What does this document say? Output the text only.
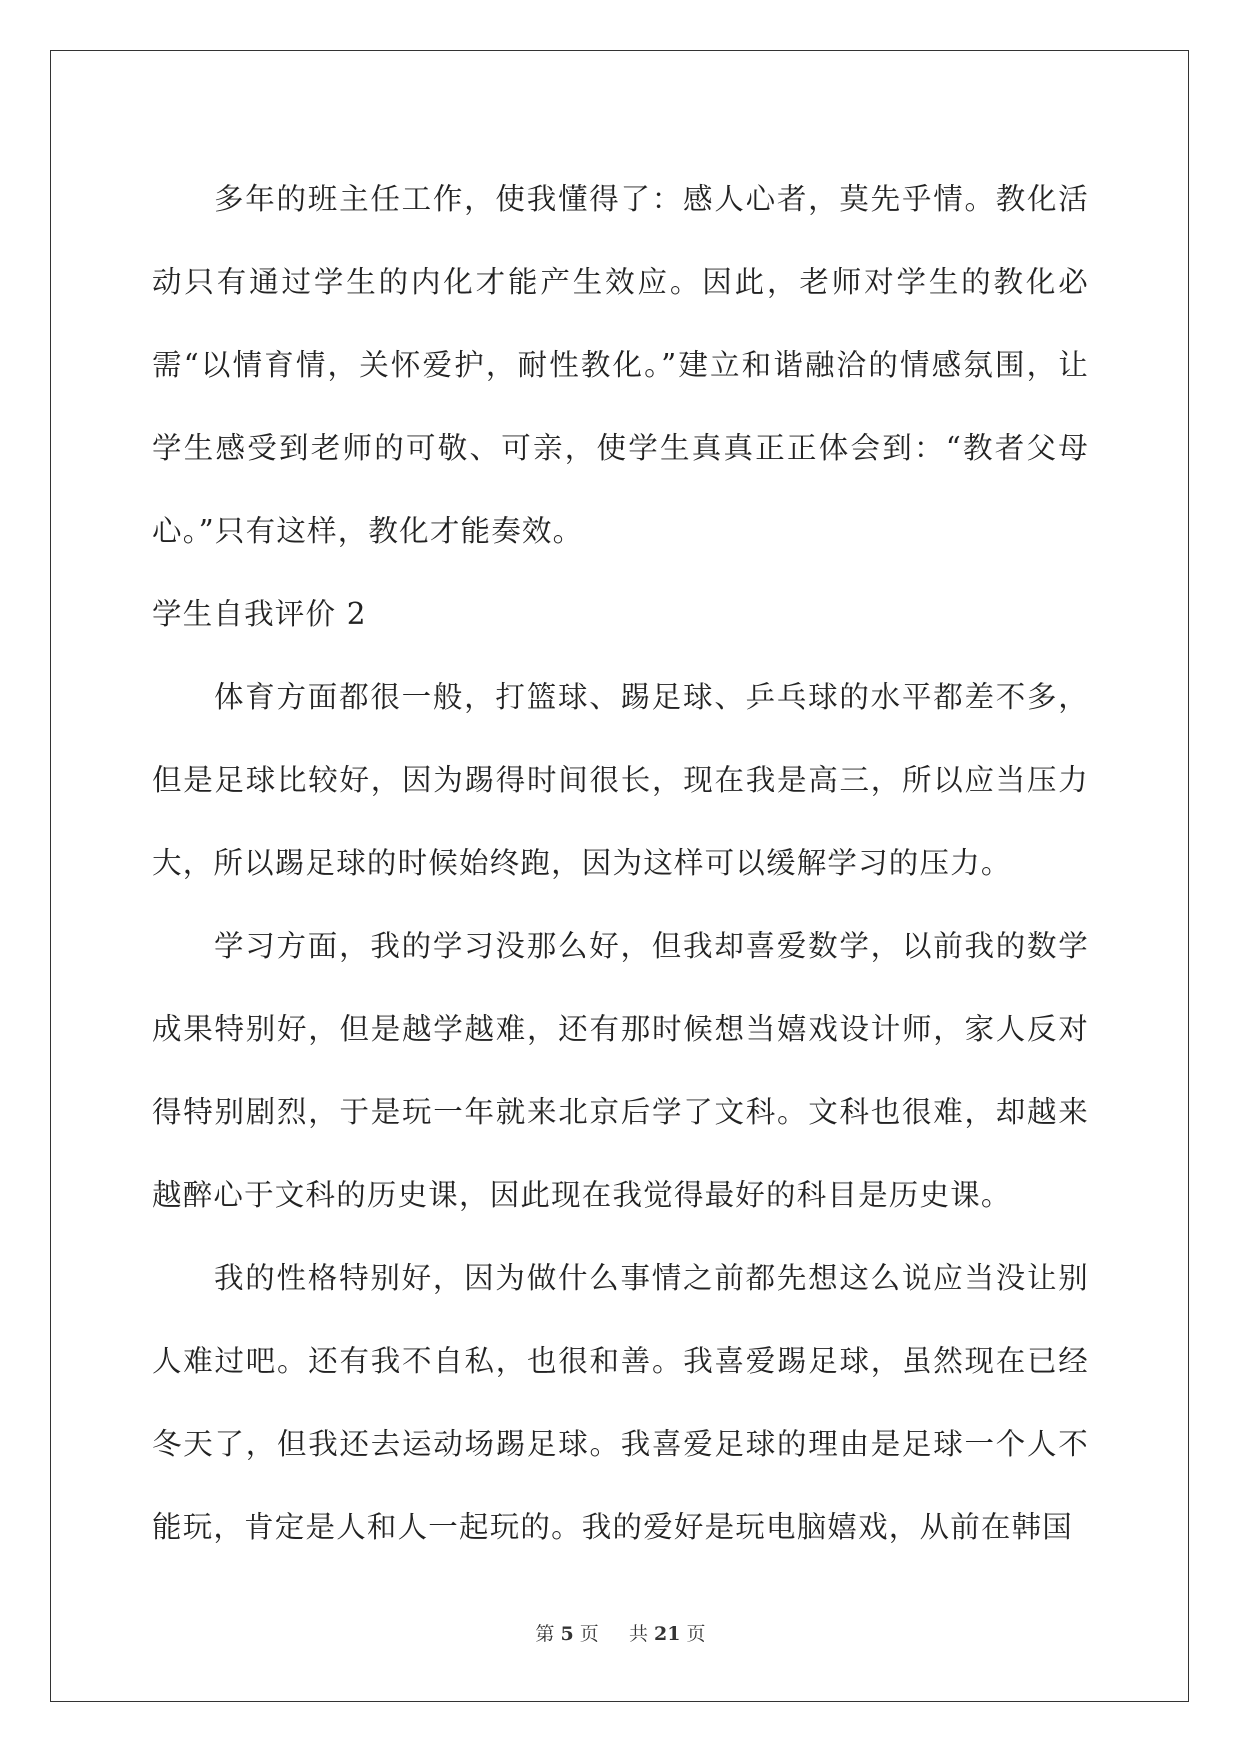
多年的班主任工作，使我懂得了：感人心者，莫先乎情。教化活动只有通过学生的内化才能产生效应。因此，老师对学生的教化必需“以情育情，关怀爱护，耐性教化。”建立和谐融洽的情感氛围，让学生感受到老师的可敬、可亲，使学生真真正正体会到：“教者父母心。”只有这样，教化才能奏效。

学生自我评价 2

体育方面都很一般，打篮球、踢足球、乒乓球的水平都差不多，但是足球比较好，因为踢得时间很长，现在我是高三，所以应当压力大，所以踢足球的时候始终跑，因为这样可以缓解学习的压力。

学习方面，我的学习没那么好，但我却喜爱数学，以前我的数学成果特别好，但是越学越难，还有那时候想当嬉戏设计师，家人反对得特别剧烈，于是玩一年就来北京后学了文科。文科也很难，却越来越醉心于文科的历史课，因此现在我觉得最好的科目是历史课。

我的性格特别好，因为做什么事情之前都先想这么说应当没让别人难过吧。还有我不自私，也很和善。我喜爱踢足球，虽然现在已经冬天了，但我还去运动场踢足球。我喜爱足球的理由是足球一个人不能玩，肯定是人和人一起玩的。我的爱好是玩电脑嬉戏，从前在韩国

第 5 页 共 21 页
